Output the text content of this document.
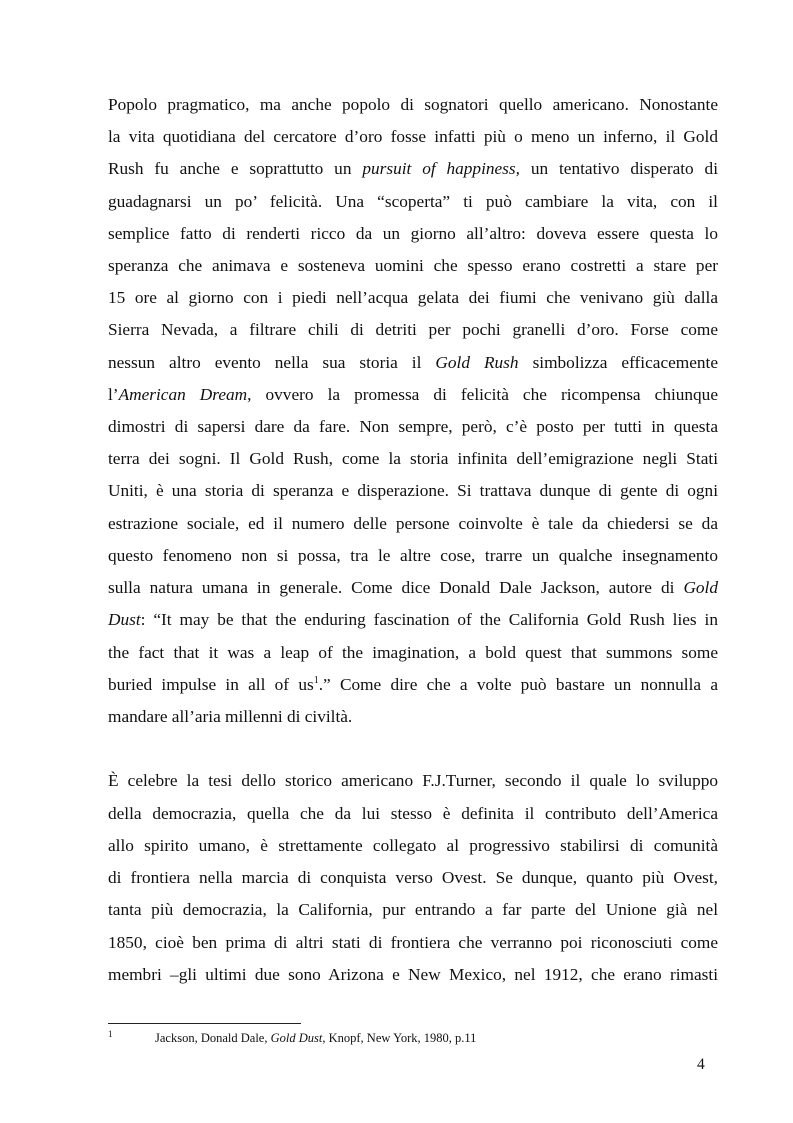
Popolo pragmatico, ma anche popolo di sognatori quello americano. Nonostante
la vita quotidiana del cercatore d’oro fosse infatti più o meno un inferno, il Gold
Rush fu anche e soprattutto un pursuit of happiness, un tentativo disperato di
guadagnarsi un po’ felicità. Una “scoperta” ti può cambiare la vita, con il
semplice fatto di renderti ricco da un giorno all’altro: doveva essere questa lo
speranza che animava e sosteneva uomini che spesso erano costretti a stare per
15 ore al giorno con i piedi nell’acqua gelata dei fiumi che venivano giù dalla
Sierra Nevada, a filtrare chili di detriti per pochi granelli d’oro. Forse come
nessun altro evento nella sua storia il Gold Rush simbolizza efficacemente
l’American Dream, ovvero la promessa di felicità che ricompensa chiunque
dimostri di sapersi dare da fare. Non sempre, però, c’è posto per tutti in questa
terra dei sogni. Il Gold Rush, come la storia infinita dell’emigrazione negli Stati
Uniti, è una storia di speranza e disperazione. Si trattava dunque di gente di ogni
estrazione sociale, ed il numero delle persone coinvolte è tale da chiedersi se da
questo fenomeno non si possa, tra le altre cose, trarre un qualche insegnamento
sulla natura umana in generale. Come dice Donald Dale Jackson, autore di Gold
Dust: “It may be that the enduring fascination of the California Gold Rush lies in
the fact that it was a leap of the imagination, a bold quest that summons some
buried impulse in all of $us^1$.” Come dire che a volte può bastare un nonnulla a
mandare all’aria millenni di civiltà.
È celebre la tesi dello storico americano F.J.Turner, secondo il quale lo sviluppo
della democrazia, quella che da lui stesso è definita il contributo dell’America
allo spirito umano, è strettamente collegato al progressivo stabilirsi di comunità
di frontiera nella marcia di conquista verso Ovest. Se dunque, quanto più Ovest,
tanta più democrazia, la California, pur entrando a far parte del Unione già nel
1850, cioè ben prima di altri stati di frontiera che verranno poi riconosciuti come
membri –gli ultimi due sono Arizona e New Mexico, nel 1912, che erano rimasti
1	Jackson, Donald Dale, Gold Dust, Knopf, New York, 1980, p.11
4
